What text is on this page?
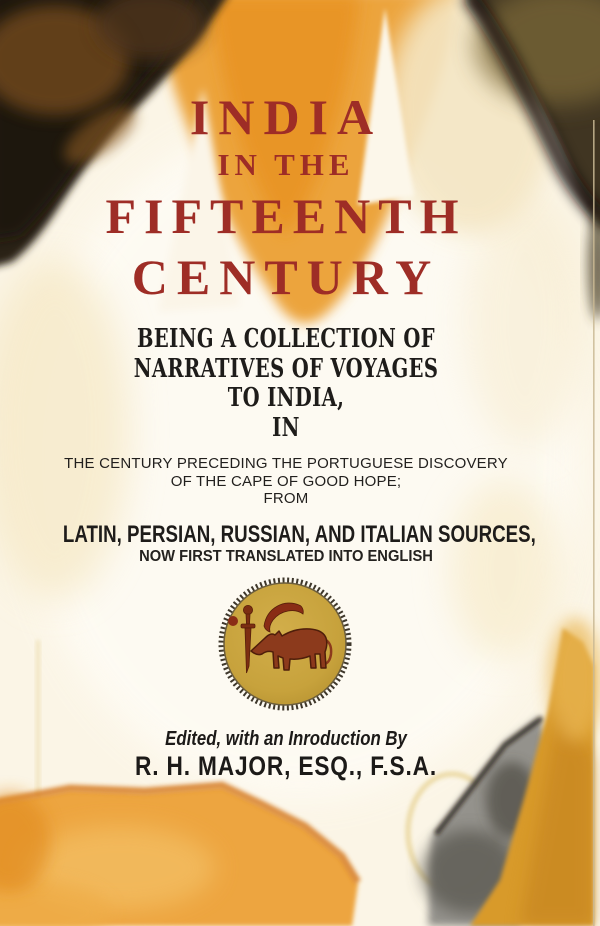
INDIA
IN THE
FIFTEENTH
CENTURY
BEING A COLLECTION OF
NARRATIVES OF VOYAGES
TO INDIA,
IN
THE CENTURY PRECEDING THE PORTUGUESE DISCOVERY
OF THE CAPE OF GOOD HOPE;
FROM
LATIN, PERSIAN, RUSSIAN, AND ITALIAN SOURCES,
NOW FIRST TRANSLATED INTO ENGLISH
Edited, with an Inroduction By
R. H. MAJOR, ESQ., F.S.A.
